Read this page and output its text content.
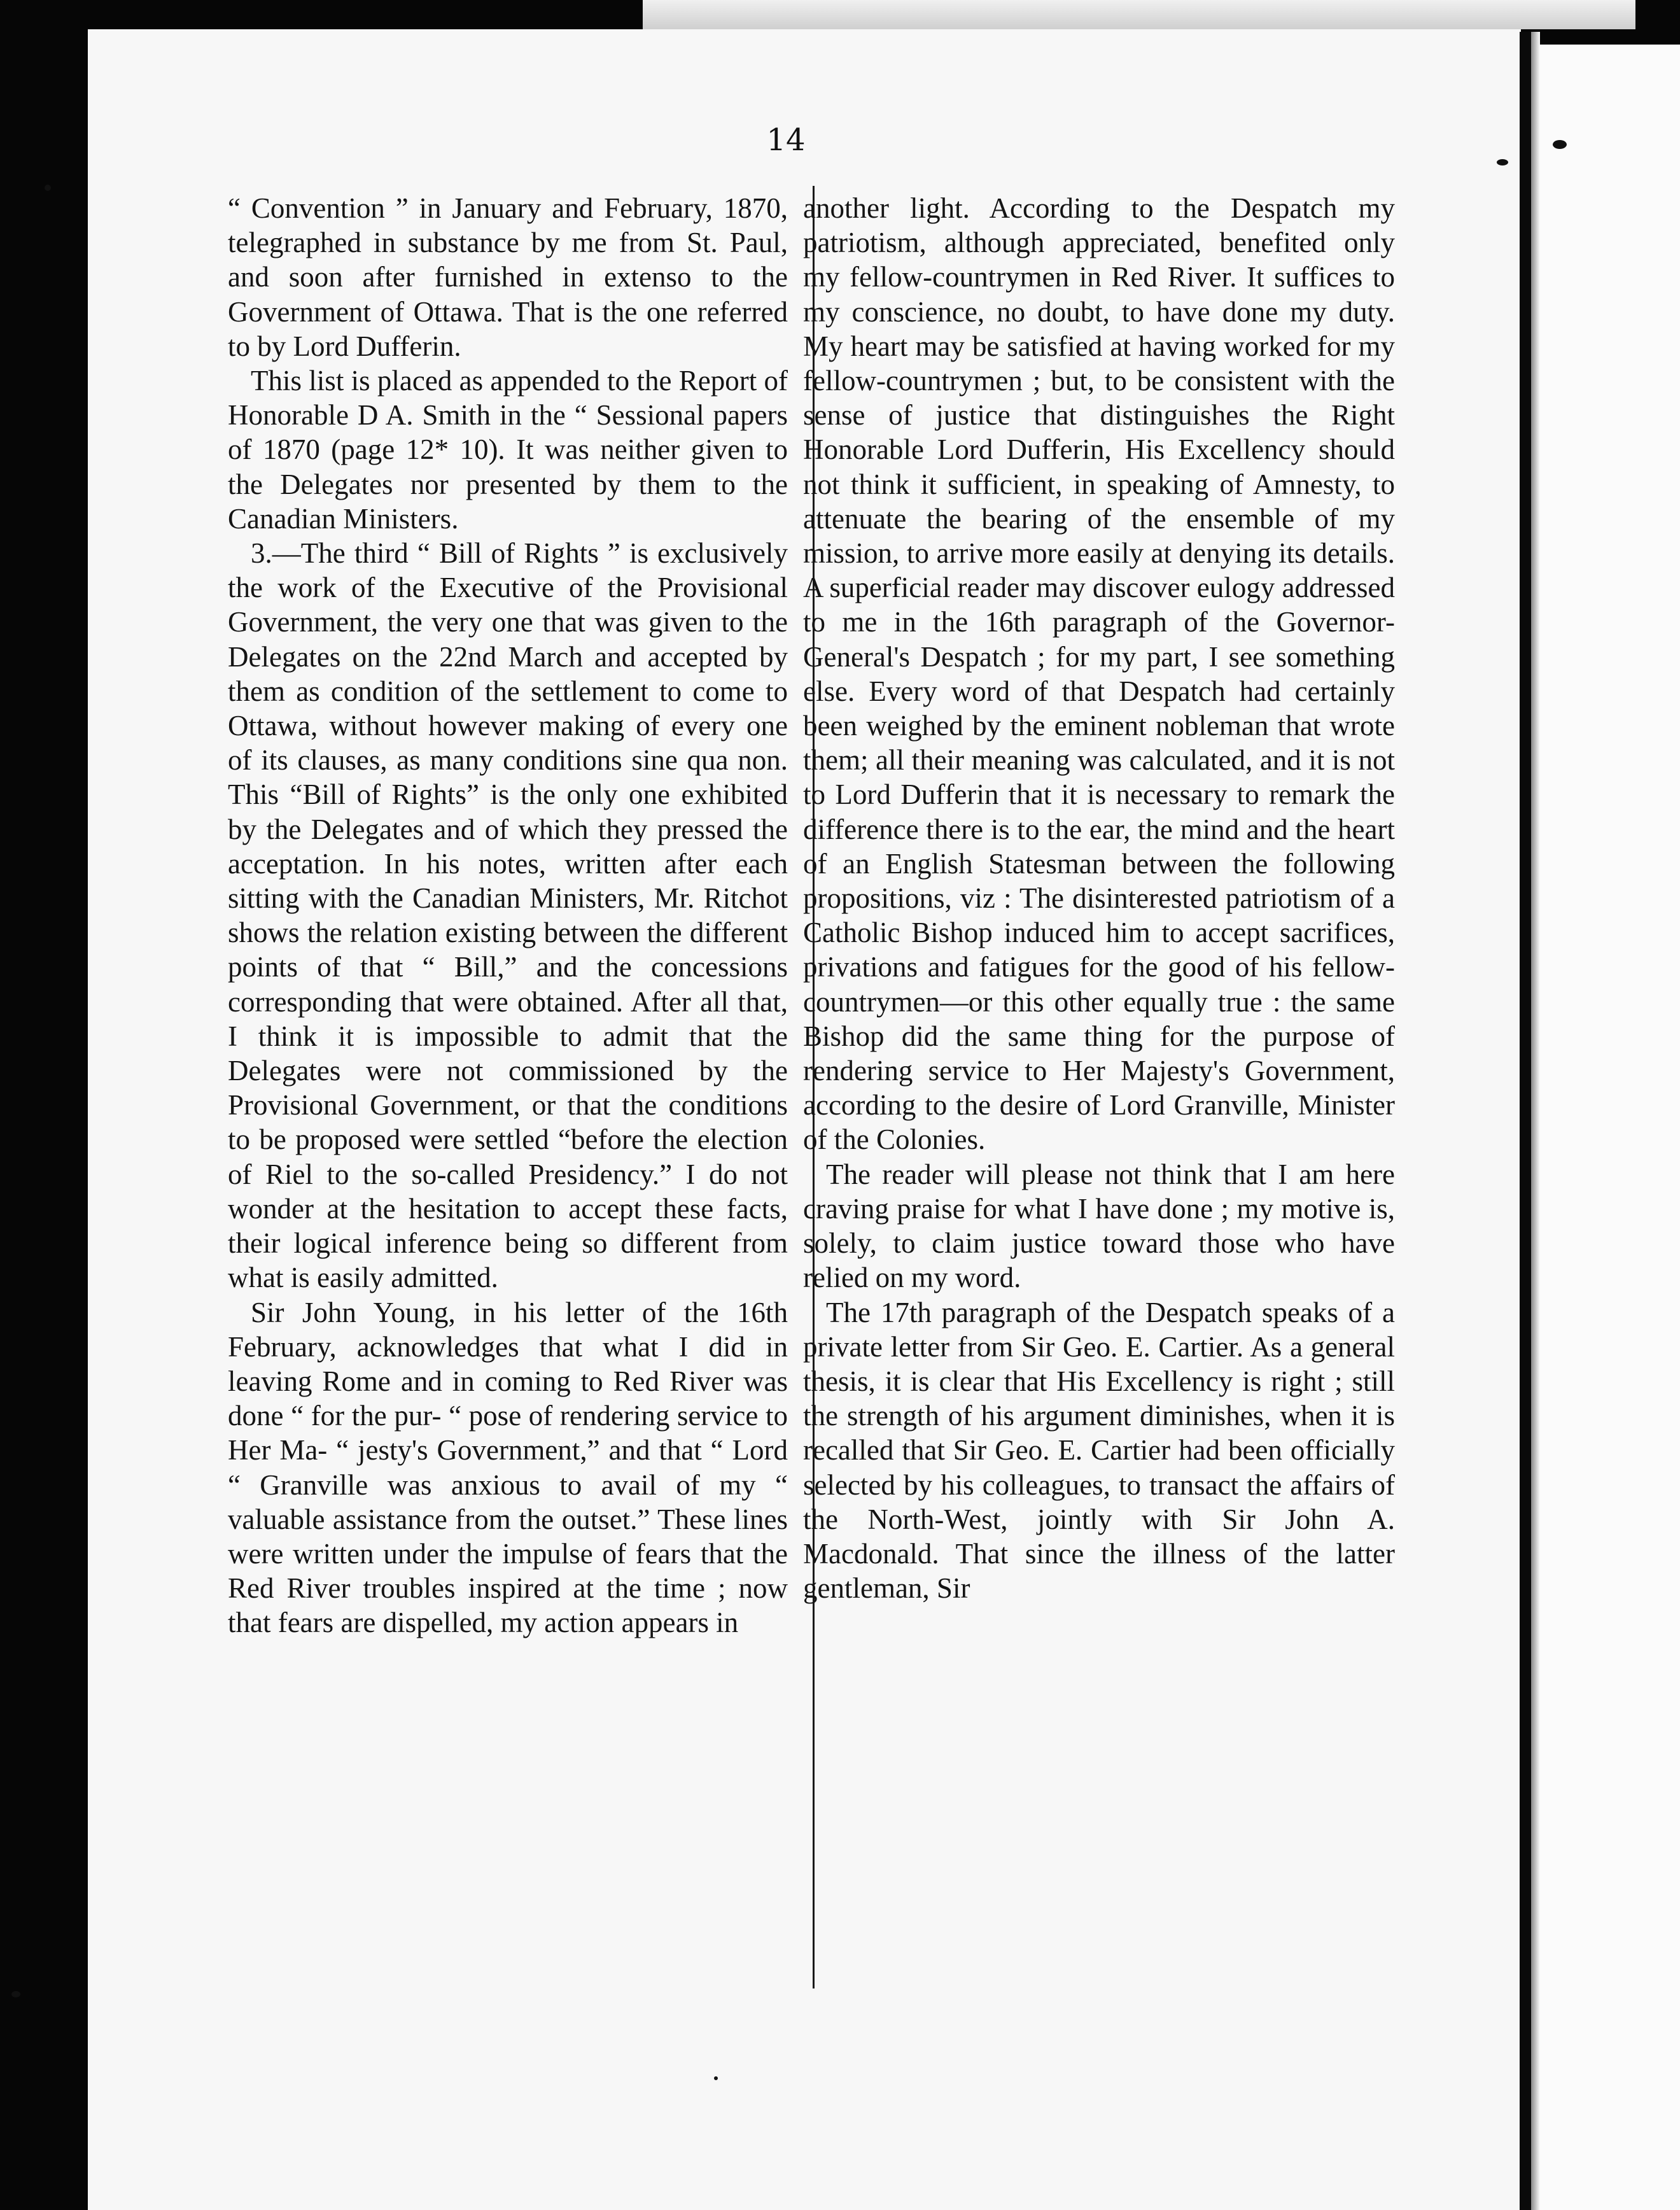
14

“ Convention ” in January and February, 1870, telegraphed in substance by me from St. Paul, and soon after furnished in extenso to the Government of Ottawa. That is the one referred to by Lord Dufferin.

This list is placed as appended to the Report of Honorable D A. Smith in the “ Sessional papers of 1870 (page 12* 10). It was neither given to the Delegates nor presented by them to the Canadian Ministers.

3.—The third “ Bill of Rights ” is exclusively the work of the Executive of the Provisional Government, the very one that was given to the Delegates on the 22nd March and accepted by them as condition of the settlement to come to Ottawa, without however making of every one of its clauses, as many conditions sine qua non. This “Bill of Rights” is the only one exhibited by the Delegates and of which they pressed the acceptation. In his notes, written after each sitting with the Canadian Ministers, Mr. Ritchot shows the relation existing between the different points of that “ Bill,” and the concessions corresponding that were obtained. After all that, I think it is impossible to admit that the Delegates were not commissioned by the Provisional Government, or that the conditions to be proposed were settled “before the election of Riel to the so-called Presidency.” I do not wonder at the hesitation to accept these facts, their logical inference being so different from what is easily admitted.

Sir John Young, in his letter of the 16th February, acknowledges that what I did in leaving Rome and in coming to Red River was done “ for the pur- “ pose of rendering service to Her Ma- “ jesty's Government,” and that “ Lord “ Granville was anxious to avail of my “ valuable assistance from the outset.” These lines were written under the impulse of fears that the Red River troubles inspired at the time ; now that fears are dispelled, my action appears in

another light. According to the Despatch my patriotism, although appreciated, benefited only my fellow-countrymen in Red River. It suffices to my conscience, no doubt, to have done my duty. My heart may be satisfied at having worked for my fellow-countrymen ; but, to be consistent with the sense of justice that distinguishes the Right Honorable Lord Dufferin, His Excellency should not think it sufficient, in speaking of Amnesty, to attenuate the bearing of the ensemble of my mission, to arrive more easily at denying its details. A superficial reader may discover eulogy addressed to me in the 16th paragraph of the Governor-General's Despatch ; for my part, I see something else. Every word of that Despatch had certainly been weighed by the eminent nobleman that wrote them; all their meaning was calculated, and it is not to Lord Dufferin that it is necessary to remark the difference there is to the ear, the mind and the heart of an English Statesman between the following propositions, viz : The disinterested patriotism of a Catholic Bishop induced him to accept sacrifices, privations and fatigues for the good of his fellow-countrymen—or this other equally true : the same Bishop did the same thing for the purpose of rendering service to Her Majesty's Government, according to the desire of Lord Granville, Minister of the Colonies.

The reader will please not think that I am here craving praise for what I have done ; my motive is, solely, to claim justice toward those who have relied on my word.

The 17th paragraph of the Despatch speaks of a private letter from Sir Geo. E. Cartier. As a general thesis, it is clear that His Excellency is right ; still the strength of his argument diminishes, when it is recalled that Sir Geo. E. Cartier had been officially selected by his colleagues, to transact the affairs of the North-West, jointly with Sir John A. Macdonald. That since the illness of the latter gentleman, Sir
